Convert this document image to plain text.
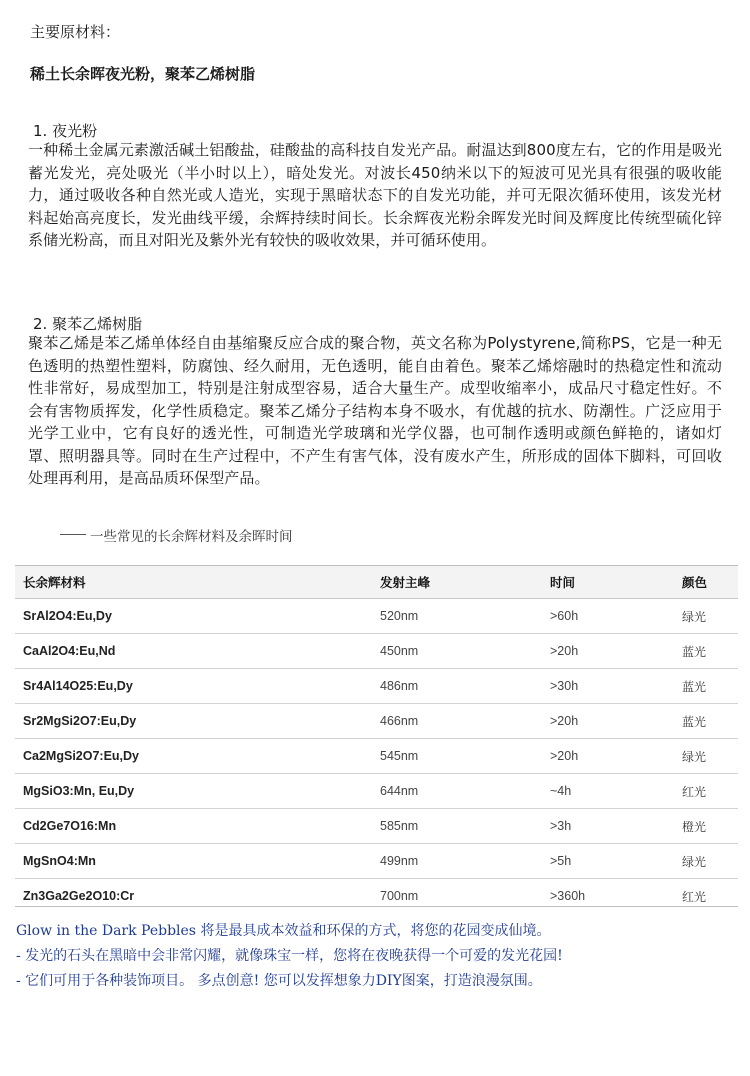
主要原材料：
稀土长余晖夜光粉，聚苯乙烯树脂
1. 夜光粉

一种稀土金属元素激活碱土铝酸盐，硅酸盐的高科技自发光产品。耐温达到800度左右，它的作用是吸光蓄光发光，亮处吸光（半小时以上），暗处发光。对波长450纳米以下的短波可见光具有很强的吸收能力，通过吸收各种自然光或人造光，实现于黑暗状态下的自发光功能，并可无限次循环使用，该发光材料起始高亮度长，发光曲线平缓，余辉持续时间长。长余辉夜光粉余晖发光时间及辉度比传统型硫化锌系储光粉高，而且对阳光及紫外光有较快的吸收效果，并可循环使用。

2. 聚苯乙烯树脂

聚苯乙烯是苯乙烯单体经自由基缩聚反应合成的聚合物，英文名称为Polystyrene,简称PS，它是一种无色透明的热塑性塑料，防腐蚀、经久耐用，无色透明，能自由着色。聚苯乙烯熔融时的热稳定性和流动性非常好，易成型加工，特别是注射成型容易，适合大量生产。成型收缩率小，成品尺寸稳定性好。不会有害物质挥发，化学性质稳定。聚苯乙烯分子结构本身不吸水，有优越的抗水、防潮性。广泛应用于光学工业中，它有良好的透光性，可制造光学玻璃和光学仪器，也可制作透明或颜色鲜艳的，诸如灯罩、照明器具等。同时在生产过程中，不产生有害气体，没有废水产生，所形成的固体下脚料，可回收处理再利用，是高品质环保型产品。

一些常见的长余辉材料及余晖时间
长余辉材料	发射主峰	时间	颜色
SrAl2O4:Eu,Dy	520nm	>60h	绿光
CaAl2O4:Eu,Nd	450nm	>20h	蓝光
Sr4Al14O25:Eu,Dy	486nm	>30h	蓝光
Sr2MgSi2O7:Eu,Dy	466nm	>20h	蓝光
Ca2MgSi2O7:Eu,Dy	545nm	>20h	绿光
MgSiO3:Mn, Eu,Dy	644nm	~4h	红光
Cd2Ge7O16:Mn	585nm	>3h	橙光
MgSnO4:Mn	499nm	>5h	绿光
Zn3Ga2Ge2O10:Cr	700nm	>360h	红光
Glow in the Dark Pebbles 将是最具成本效益和环保的方式，将您的花园变成仙境。
- 发光的石头在黑暗中会非常闪耀，就像珠宝一样，您将在夜晚获得一个可爱的发光花园!
- 它们可用于各种装饰项目。 多点创意! 您可以发挥想象力DIY图案，打造浪漫氛围。
